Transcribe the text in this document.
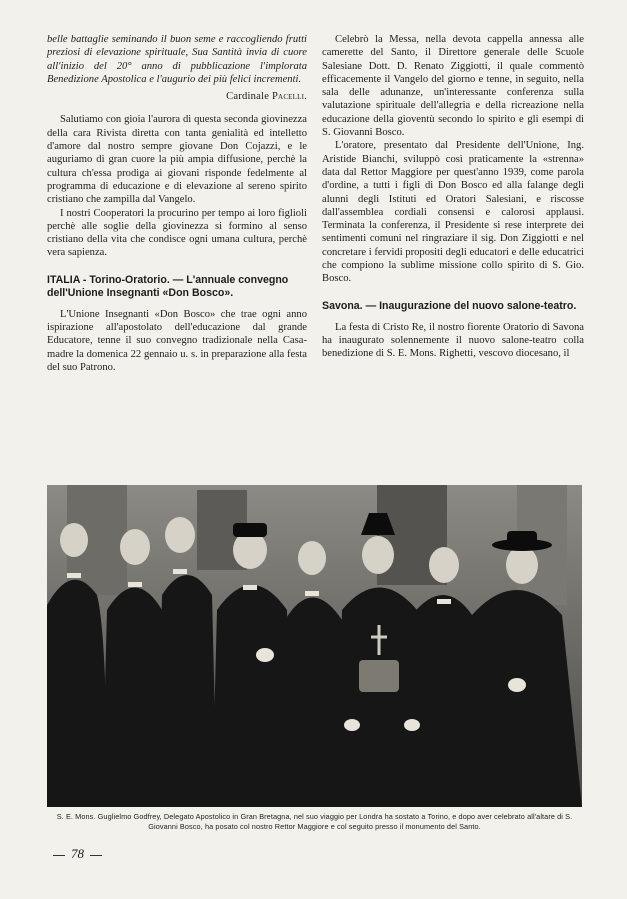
belle battaglie seminando il buon seme e raccogliendo frutti preziosi di elevazione spirituale, Sua Santità invia di cuore all'inizio del 20° anno di pubblicazione l'implorata Benedizione Apostolica e l'augurio dei più felici incrementi.

Cardinale Pacelli.

Salutiamo con gioia l'aurora di questa seconda giovinezza della cara Rivista diretta con tanta genialità ed intelletto d'amore dal nostro sempre giovane Don Cojazzi, e le auguriamo di gran cuore la più ampia diffusione, perchè la cultura ch'essa prodiga ai giovani risponde fedelmente al programma di educazione e di elevazione al sereno spirito cristiano che zampilla dal Vangelo.

I nostri Cooperatori la procurino per tempo ai loro figlioli perchè alle soglie della giovinezza si formino al senso cristiano della vita che condisce ogni umana cultura, perchè vera sapienza.

ITALIA - Torino-Oratorio. — L'annuale convegno dell'Unione Insegnanti «Don Bosco».

L'Unione Insegnanti «Don Bosco» che trae ogni anno ispirazione all'apostolato dell'educazione dal grande Educatore, tenne il suo convegno tradizionale nella Casa-madre la domenica 22 gennaio u. s. in preparazione alla festa del suo Patrono.

Celebrò la Messa, nella devota cappella annessa alle camerette del Santo, il Direttore generale delle Scuole Salesiane Dott. D. Renato Ziggiotti, il quale commentò efficacemente il Vangelo del giorno e tenne, in seguito, nella sala delle adunanze, un'interessante conferenza sulla valutazione spirituale dell'allegria e della ricreazione nella educazione della gioventù secondo lo spirito e gli esempi di S. Giovanni Bosco.

L'oratore, presentato dal Presidente dell'Unione, Ing. Aristide Bianchi, sviluppò così praticamente la «strenna» data dal Rettor Maggiore per quest'anno 1939, come parola d'ordine, a tutti i figli di Don Bosco ed alla falange degli alunni degli Istituti ed Oratori Salesiani, e riscosse dall'assemblea cordiali consensi e calorosi applausi. Terminata la conferenza, il Presidente si rese interprete dei sentimenti comuni nel ringraziare il sig. Don Ziggiotti e nel concretare i fervidi propositi degli educatori e delle educatrici che compiono la sublime missione collo spirito di S. Gio. Bosco.

Savona. — Inaugurazione del nuovo salone-teatro.

La festa di Cristo Re, il nostro fiorente Oratorio di Savona ha inaugurato solennemente il nuovo salone-teatro colla benedizione di S. E. Mons. Righetti, vescovo diocesano, il

S. E. Mons. Guglielmo Godfrey, Delegato Apostolico in Gran Bretagna, nel suo viaggio per Londra ha sostato a Torino, e dopo aver celebrato all'altare di S. Giovanni Bosco, ha posato col nostro Rettor Maggiore e col seguito presso il monumento del Santo.
78
